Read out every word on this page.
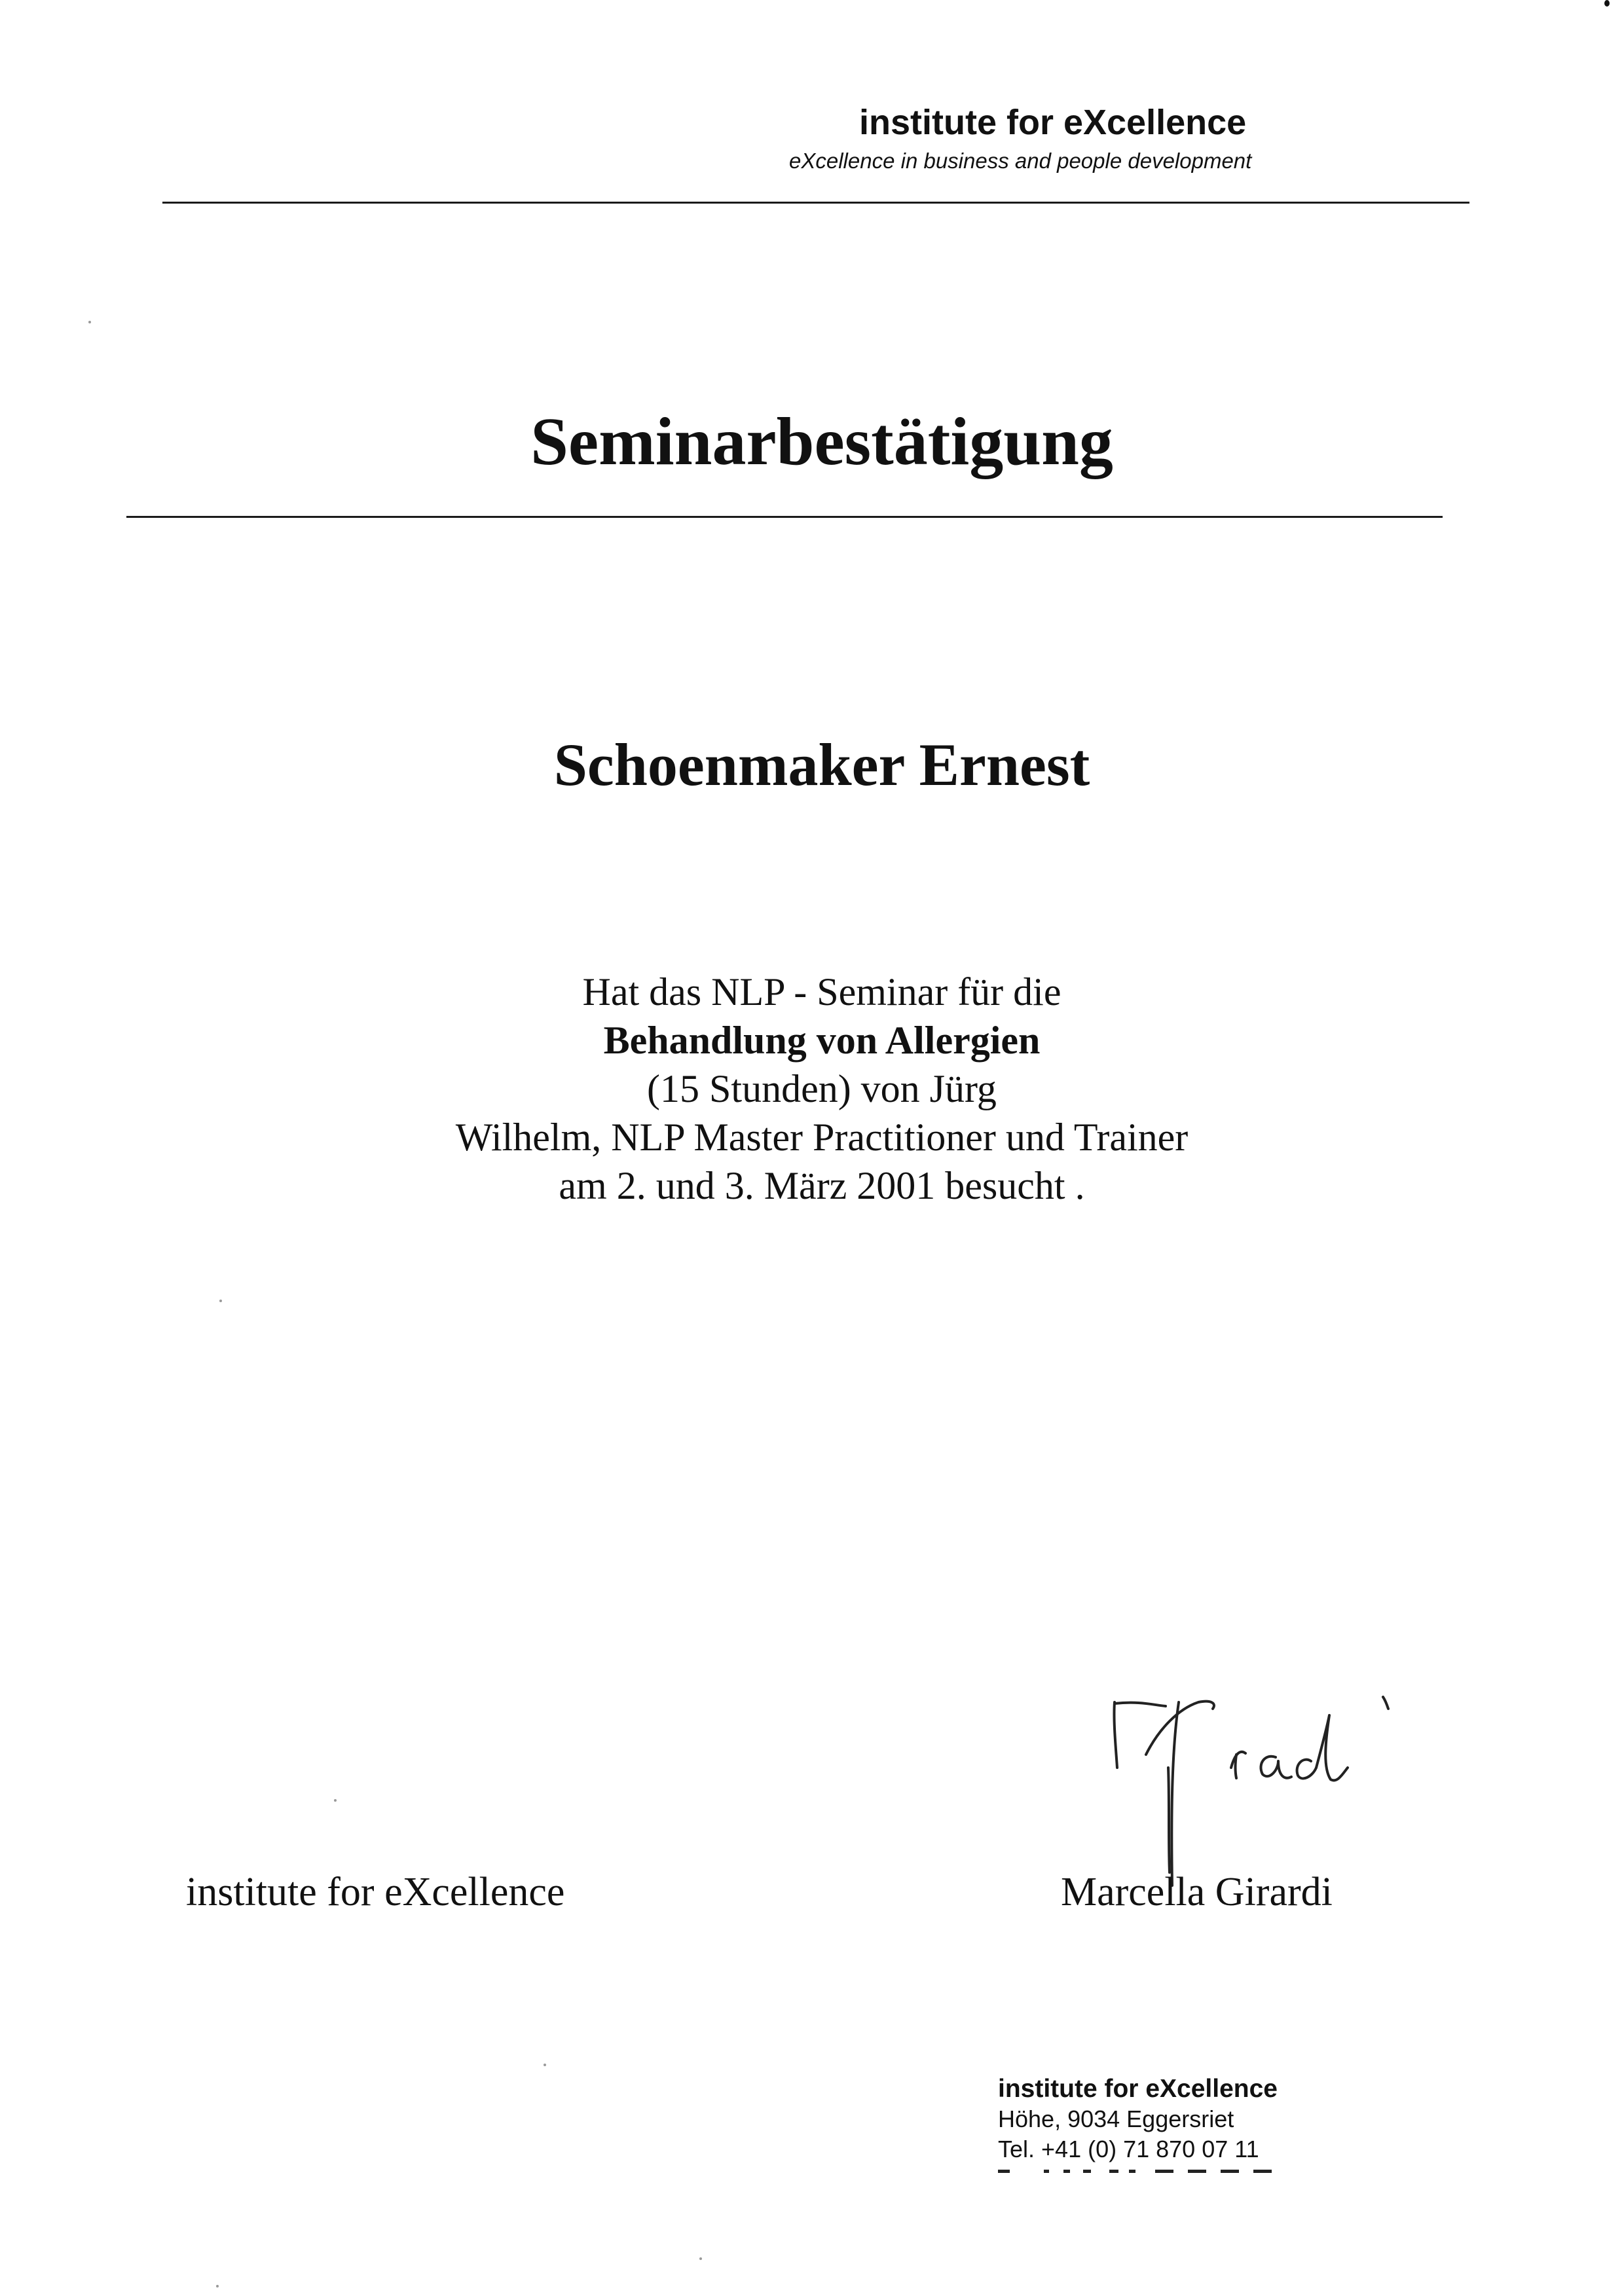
institute for eXcellence
eXcellence in business and people development
Seminarbestätigung
Schoenmaker Ernest
Hat das NLP - Seminar für die
Behandlung von Allergien
(15 Stunden) von Jürg
Wilhelm, NLP Master Practitioner und Trainer
am 2. und 3. März 2001 besucht .
institute for eXcellence	Marcella Girardi
institute for eXcellence
Höhe, 9034 Eggersriet
Tel. +41 (0) 71 870 07 11
